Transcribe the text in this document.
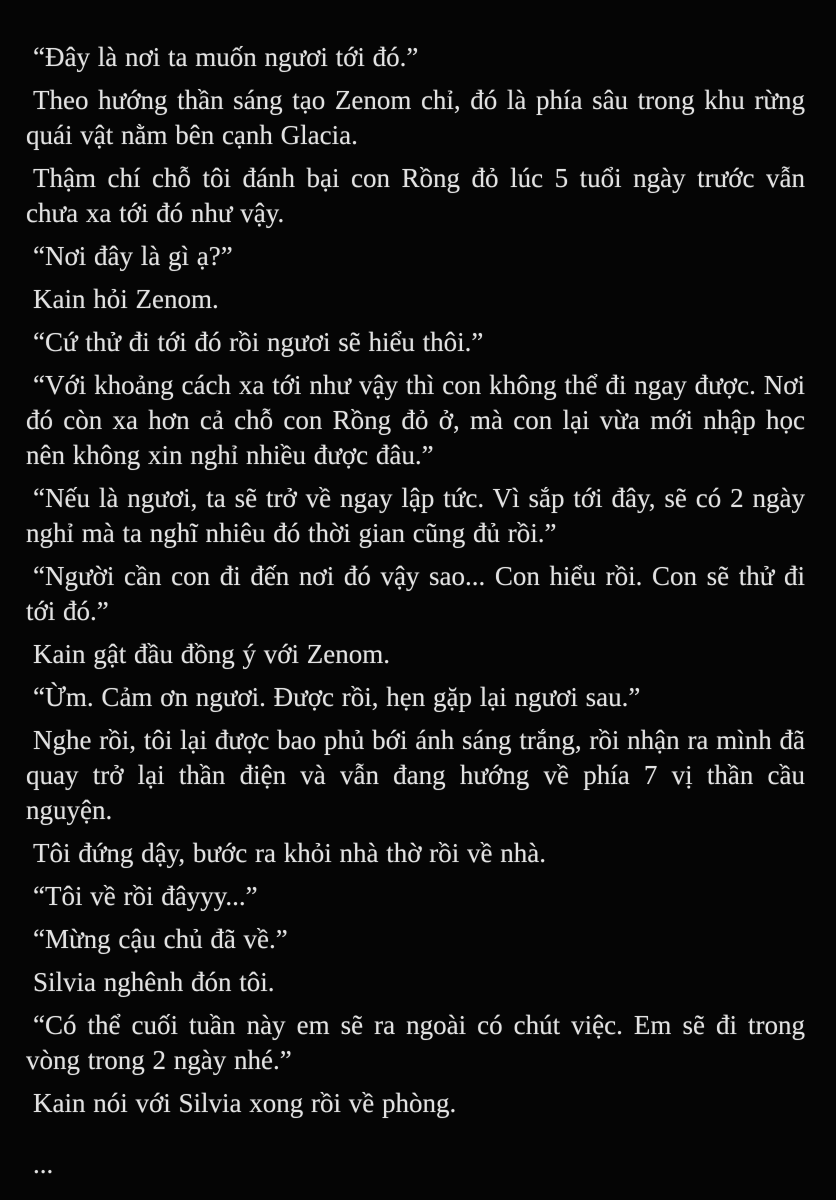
“Đây là nơi ta muốn ngươi tới đó.”

Theo hướng thần sáng tạo Zenom chỉ, đó là phía sâu trong khu rừng quái vật nằm bên cạnh Glacia.

Thậm chí chỗ tôi đánh bại con Rồng đỏ lúc 5 tuổi ngày trước vẫn chưa xa tới đó như vậy.

“Nơi đây là gì ạ?”

Kain hỏi Zenom.

“Cứ thử đi tới đó rồi ngươi sẽ hiểu thôi.”

“Với khoảng cách xa tới như vậy thì con không thể đi ngay được. Nơi đó còn xa hơn cả chỗ con Rồng đỏ ở, mà con lại vừa mới nhập học nên không xin nghỉ nhiều được đâu.”

“Nếu là ngươi, ta sẽ trở về ngay lập tức. Vì sắp tới đây, sẽ có 2 ngày nghỉ mà ta nghĩ nhiêu đó thời gian cũng đủ rồi.”

“Người cần con đi đến nơi đó vậy sao... Con hiểu rồi. Con sẽ thử đi tới đó.”

Kain gật đầu đồng ý với Zenom.

“Ừm. Cảm ơn ngươi. Được rồi, hẹn gặp lại ngươi sau.”

Nghe rồi, tôi lại được bao phủ bới ánh sáng trắng, rồi nhận ra mình đã quay trở lại thần điện và vẫn đang hướng về phía 7 vị thần cầu nguyện.

Tôi đứng dậy, bước ra khỏi nhà thờ rồi về nhà.

“Tôi về rồi đâyyy...”

“Mừng cậu chủ đã về.”

Silvia nghênh đón tôi.

“Có thể cuối tuần này em sẽ ra ngoài có chút việc. Em sẽ đi trong vòng trong 2 ngày nhé.”

Kain nói với Silvia xong rồi về phòng.

...
